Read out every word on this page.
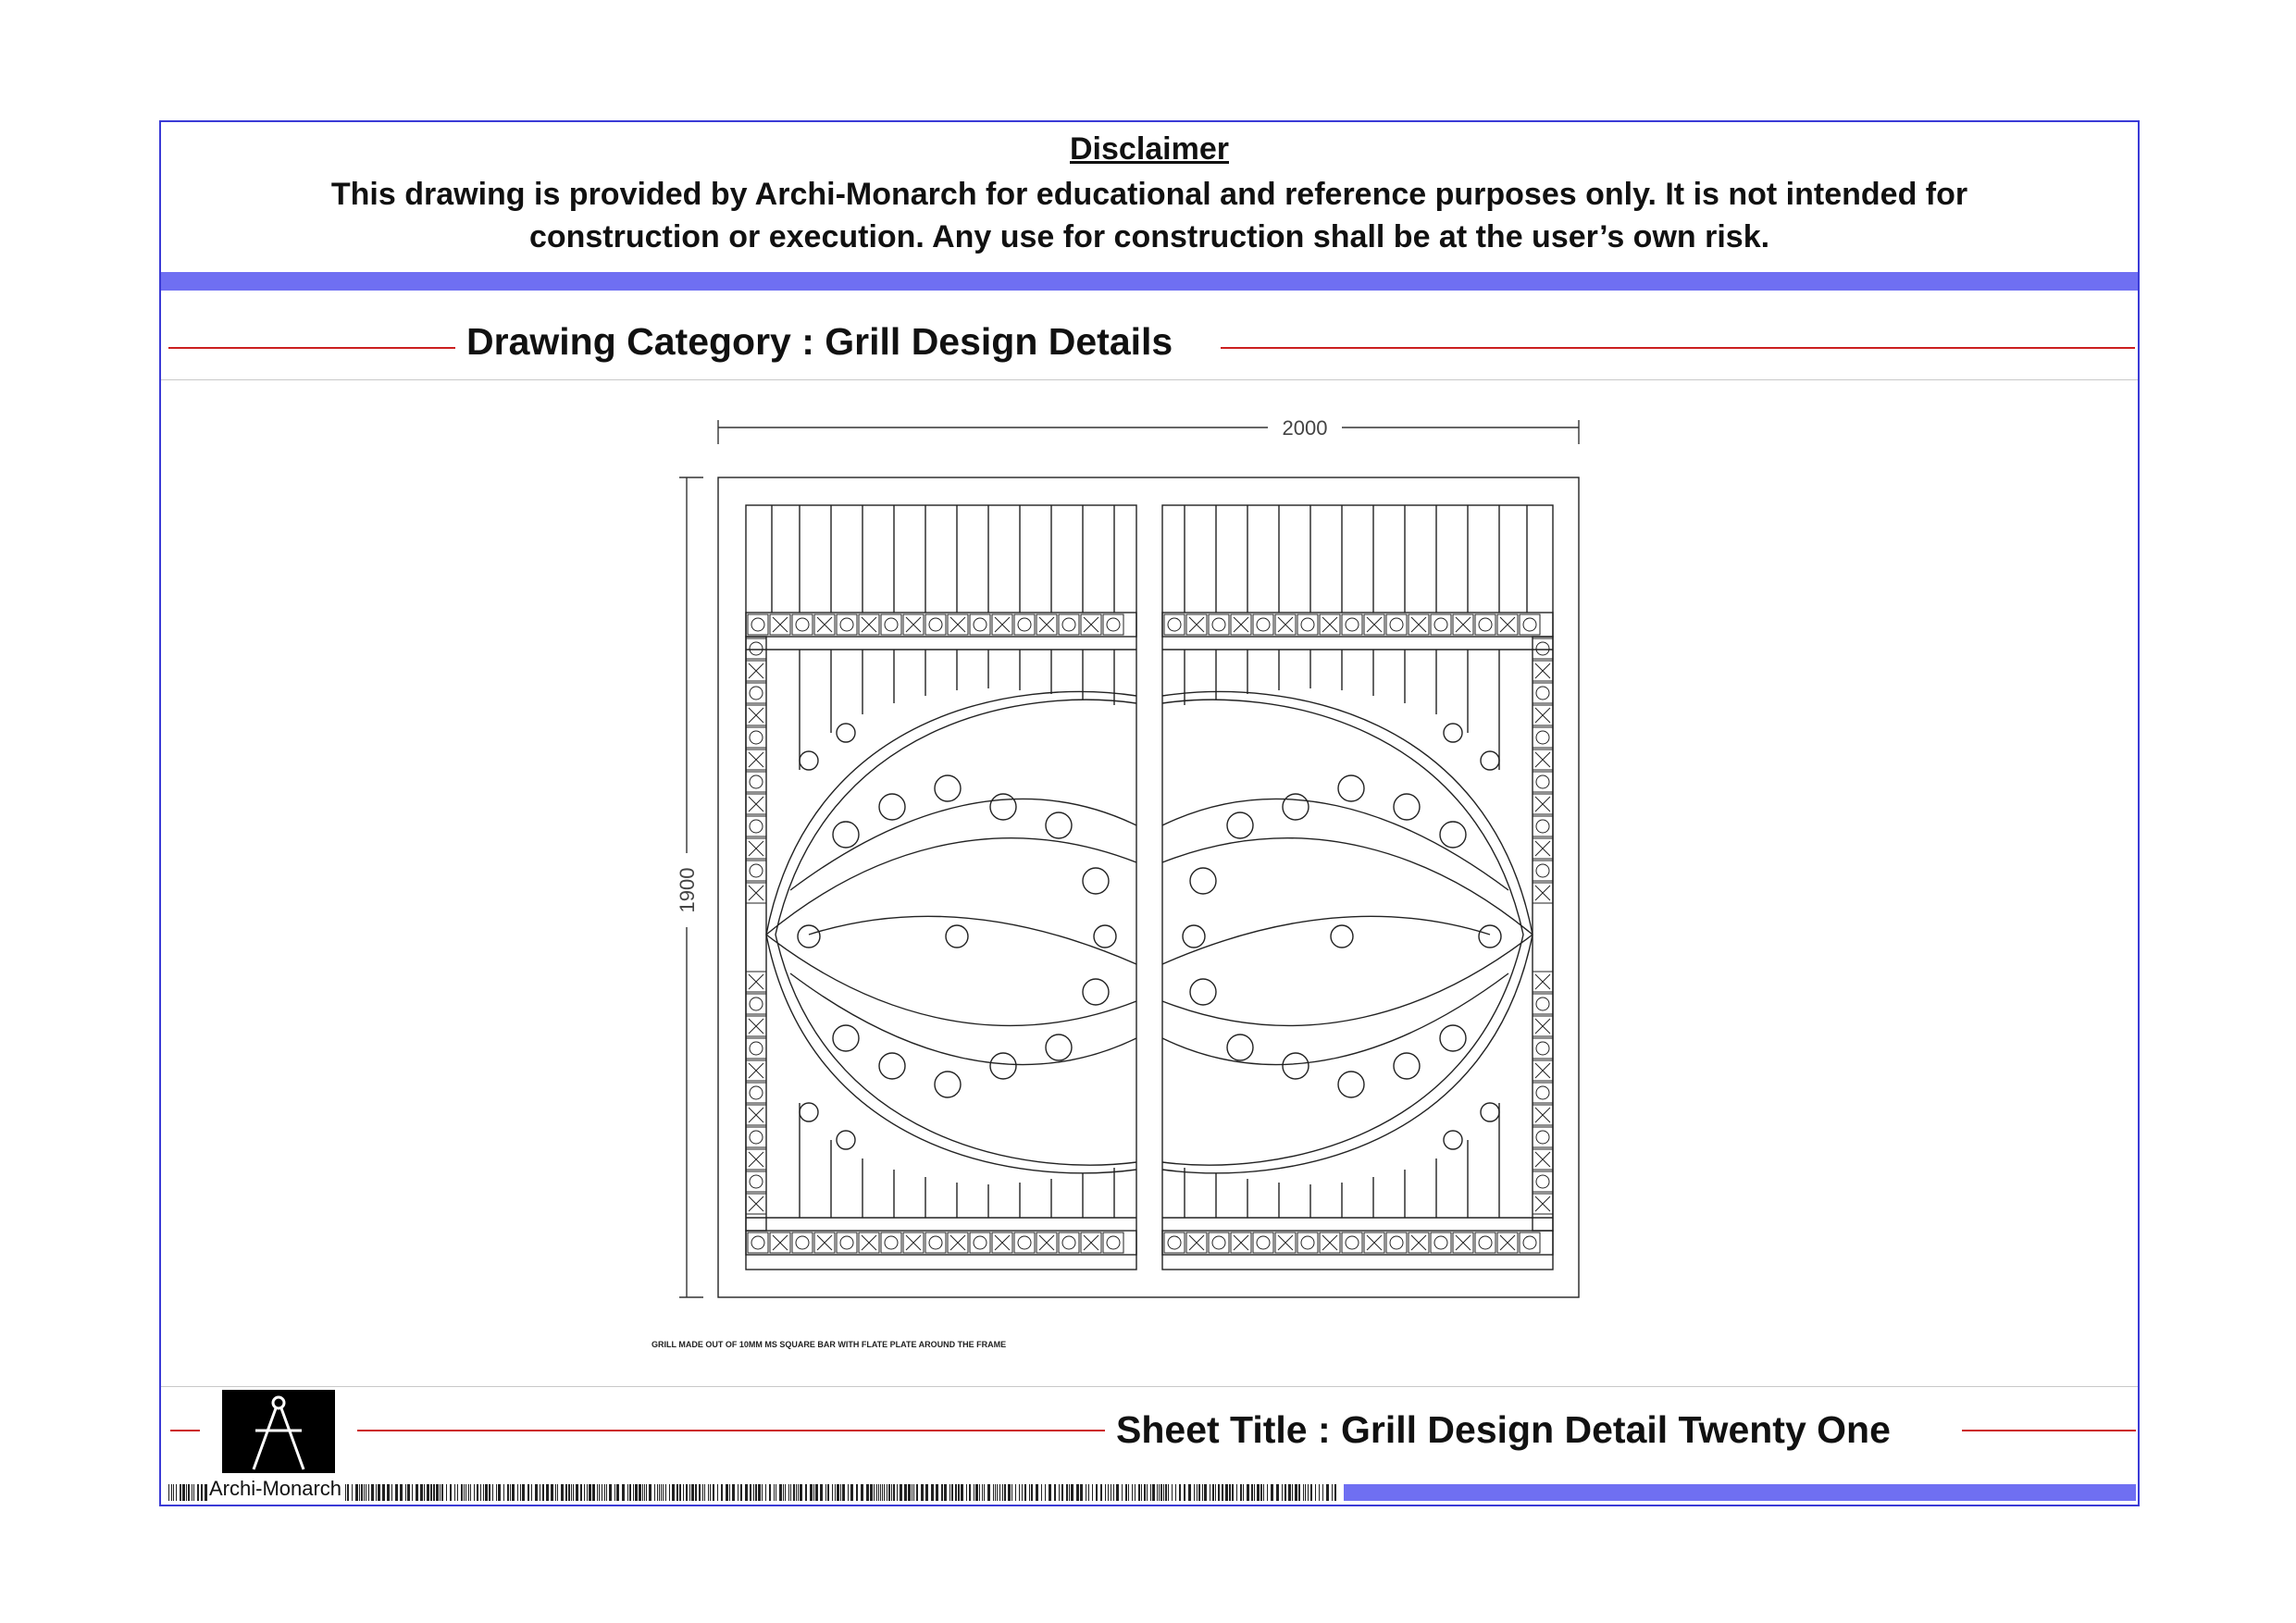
Disclaimer
This drawing is provided by Archi-Monarch for educational and reference purposes only. It is not intended for construction or execution. Any use for construction shall be at the user’s own risk.
Drawing Category : Grill Design Details
2000
1900
GRILL MADE OUT OF 10MM MS SQUARE BAR WITH FLATE PLATE AROUND THE FRAME
Sheet Title : Grill Design Detail Twenty One
Archi-Monarch
